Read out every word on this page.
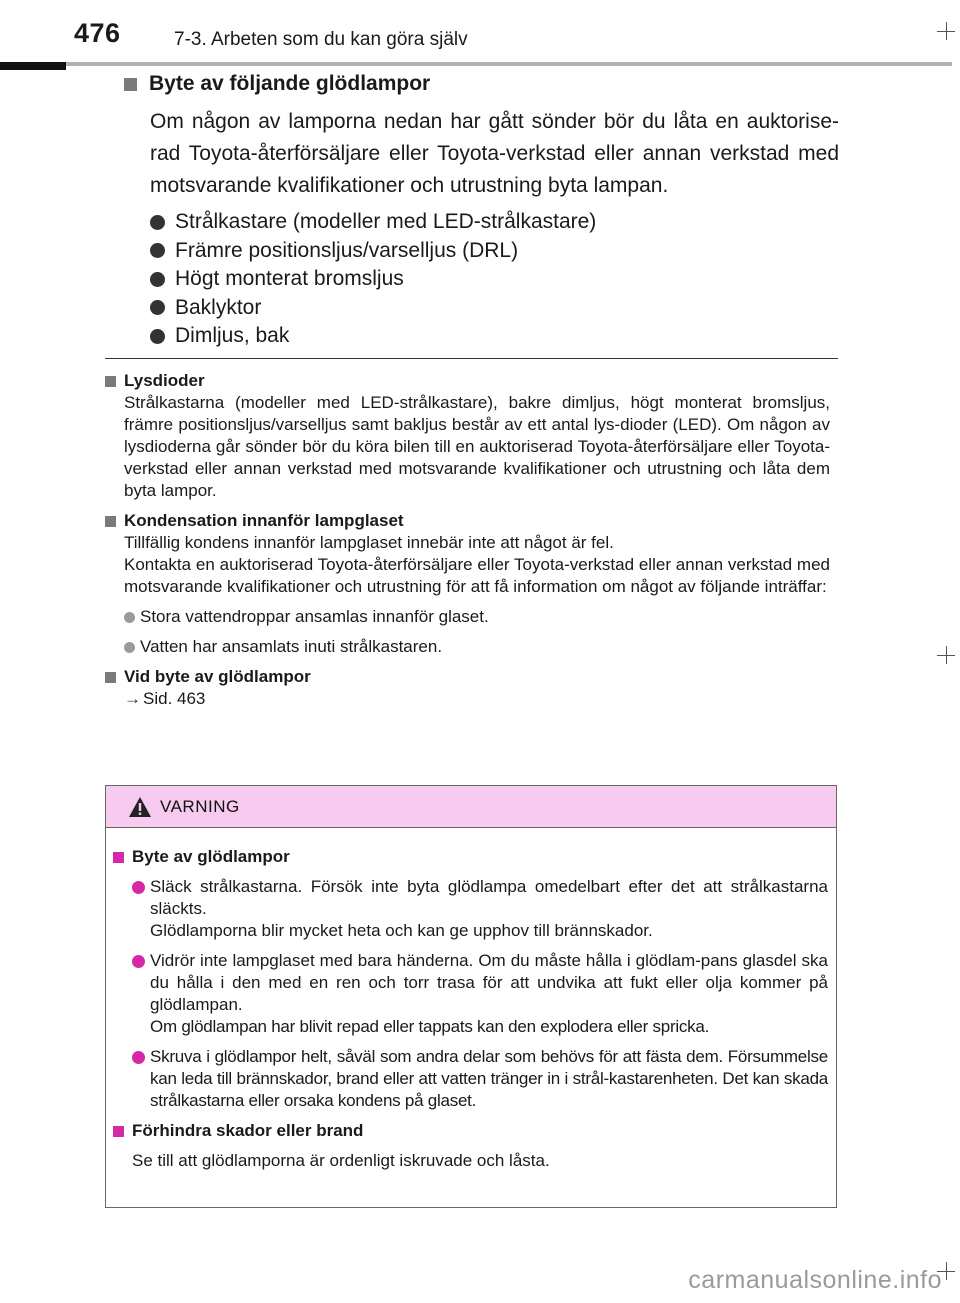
476	7-3. Arbeten som du kan göra själv
Byte av följande glödlampor
Om någon av lamporna nedan har gått sönder bör du låta en auktorise-rad Toyota-återförsäljare eller Toyota-verkstad eller annan verkstad med motsvarande kvalifikationer och utrustning byta lampan.
Strålkastare (modeller med LED-strålkastare)
Främre positionsljus/varselljus (DRL)
Högt monterat bromsljus
Baklyktor
Dimljus, bak
Lysdioder
Strålkastarna (modeller med LED-strålkastare), bakre dimljus, högt monterat bromsljus, främre positionsljus/varselljus samt bakljus består av ett antal lys-dioder (LED). Om någon av lysdioderna går sönder bör du köra bilen till en auktoriserad Toyota-återförsäljare eller Toyota-verkstad eller annan verkstad med motsvarande kvalifikationer och utrustning och låta dem byta lampor.
Kondensation innanför lampglaset
Tillfällig kondens innanför lampglaset innebär inte att något är fel.
Kontakta en auktoriserad Toyota-återförsäljare eller Toyota-verkstad eller annan verkstad med motsvarande kvalifikationer och utrustning för att få information om något av följande inträffar:
Stora vattendroppar ansamlas innanför glaset.
Vatten har ansamlats inuti strålkastaren.
Vid byte av glödlampor
→ Sid. 463
VARNING
Byte av glödlampor

Släck strålkastarna. Försök inte byta glödlampa omedelbart efter det att strålkastarna släckts.

Glödlamporna blir mycket heta och kan ge upphov till brännskador.

Vidrör inte lampglaset med bara händerna. Om du måste hålla i glödlam-pans glasdel ska du hålla i den med en ren och torr trasa för att undvika att fukt eller olja kommer på glödlampan.

Om glödlampan har blivit repad eller tappats kan den explodera eller spricka.

Skruva i glödlampor helt, såväl som andra delar som behövs för att fästa dem. Försummelse kan leda till brännskador, brand eller att vatten tränger in i strål-kastarenheten. Det kan skada strålkastarna eller orsaka kondens på glaset.

Förhindra skador eller brand
Se till att glödlamporna är ordenligt iskruvade och låsta.
carmanualsonline.info
